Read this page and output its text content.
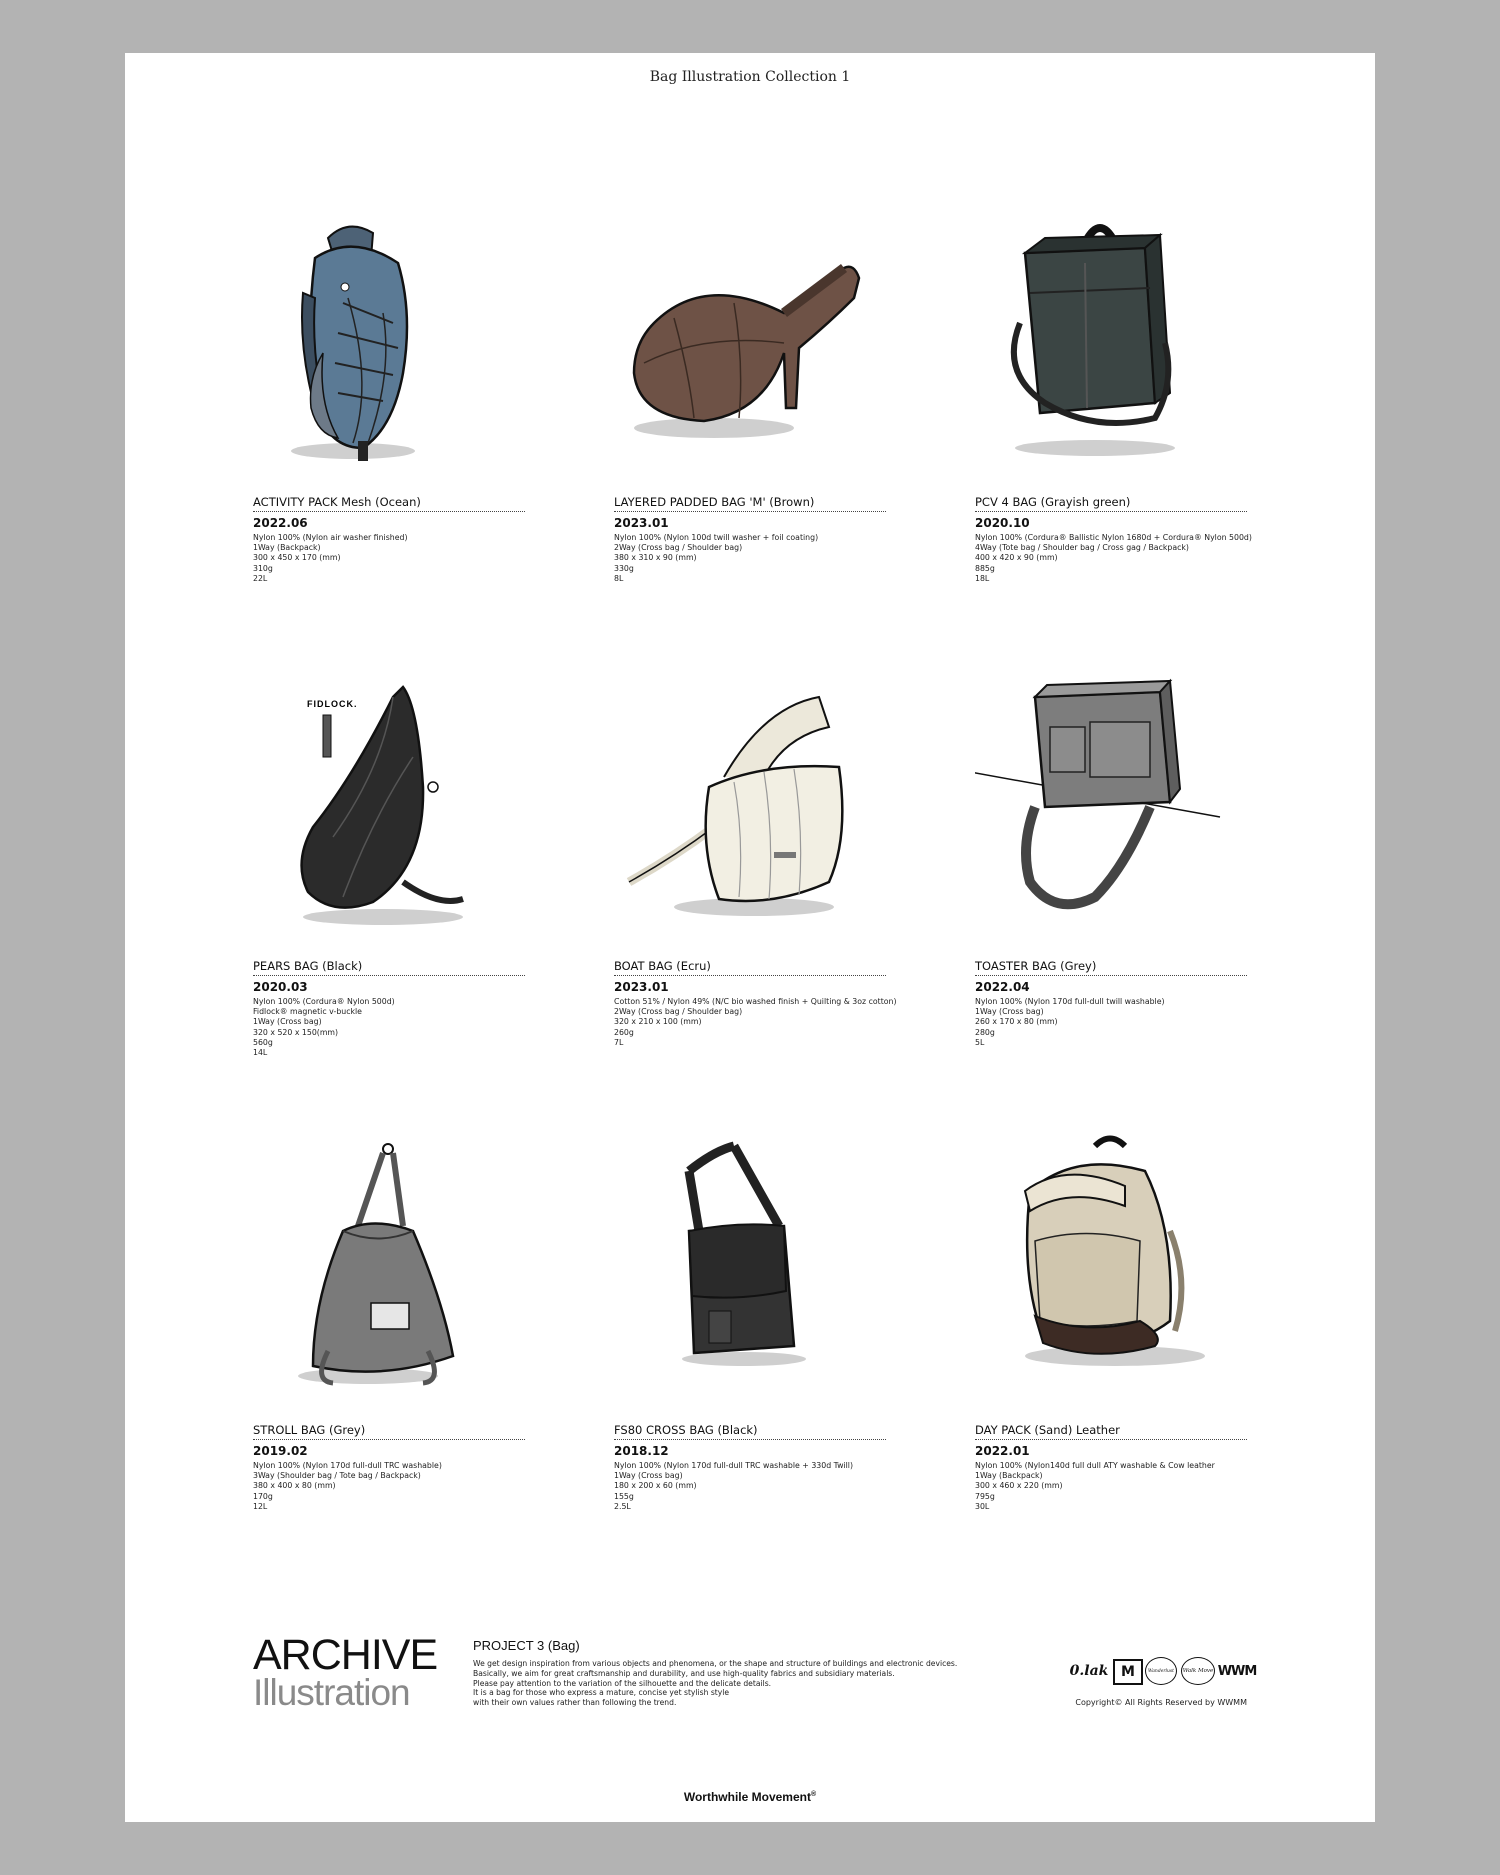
Bag Illustration Collection 1
ACTIVITY PACK Mesh (Ocean)
2022.06
Nylon 100% (Nylon air washer finished)
1Way (Backpack)
300 x 450 x 170 (mm)
310g
22L
LAYERED PADDED BAG 'M' (Brown)
2023.01
Nylon 100% (Nylon 100d twill washer + foil coating)
2Way (Cross bag / Shoulder bag)
380 x 310 x 90 (mm)
330g
8L
PCV 4 BAG (Grayish green)
2020.10
Nylon 100% (Cordura® Ballistic Nylon 1680d + Cordura® Nylon 500d)
4Way (Tote bag / Shoulder bag / Cross gag / Backpack)
400 x 420 x 90 (mm)
885g
18L
FIDLOCK.
PEARS BAG (Black)
2020.03
Nylon 100% (Cordura® Nylon 500d)
Fidlock® magnetic v-buckle
1Way (Cross bag)
320 x 520 x 150(mm)
560g
14L
BOAT BAG (Ecru)
2023.01
Cotton 51% / Nylon 49% (N/C bio washed finish + Quilting & 3oz cotton)
2Way (Cross bag / Shoulder bag)
320 x 210 x 100 (mm)
260g
7L
TOASTER BAG (Grey)
2022.04
Nylon 100% (Nylon 170d full-dull twill washable)
1Way (Cross bag)
260 x 170 x 80 (mm)
280g
5L
STROLL BAG (Grey)
2019.02
Nylon 100% (Nylon 170d full-dull TRC washable)
3Way (Shoulder bag / Tote bag / Backpack)
380 x 400 x 80 (mm)
170g
12L
FS80 CROSS BAG (Black)
2018.12
Nylon 100% (Nylon 170d full-dull TRC washable + 330d Twill)
1Way (Cross bag)
180 x 200 x 60 (mm)
155g
2.5L
DAY PACK (Sand) Leather
2022.01
Nylon 100% (Nylon140d full dull ATY washable & Cow leather
1Way (Backpack)
300 x 460 x 220 (mm)
795g
30L
ARCHIVE
Illustration
PROJECT 3 (Bag)
We get design inspiration from various objects and phenomena, or the shape and structure of buildings and electronic devices.
Basically, we aim for great craftsmanship and durability, and use high-quality fabrics and subsidiary materials.
Please pay attention to the variation of the silhouette and the delicate details.
It is a bag for those who express a mature, concise yet stylish style
with their own values rather than following the trend.
0.lak M	Wanderlust Walk Move WWM
Copyright© All Rights Reserved by WWMM
Worthwhile Movement®
